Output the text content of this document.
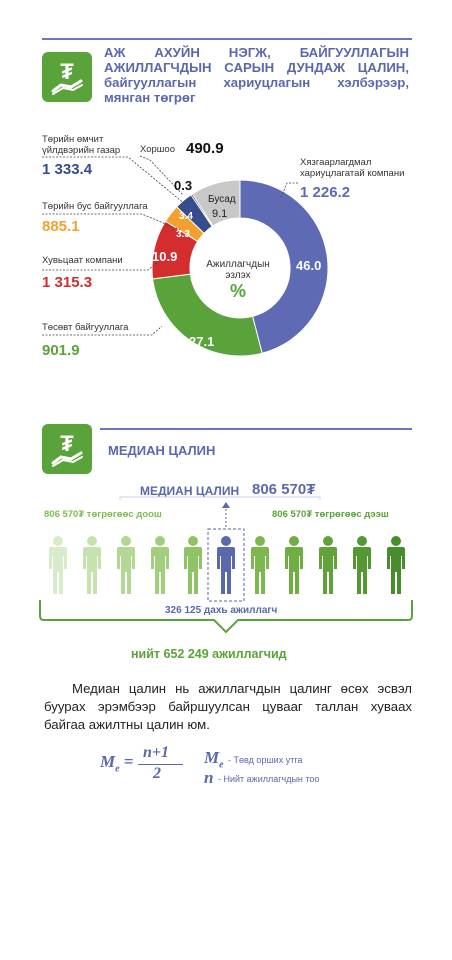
₮
АЖ АХУЙН НЭГЖ, БАЙГУУЛЛАГЫН
АЖИЛЛАГЧДЫН САРЫН ДУНДАЖ ЦАЛИН,
байгууллагын хариуцлагын хэлбэрээр,
мянган төгрөг
46.0
27.1
10.9
3.3
3.4
0.3
Бусад
9.1
Ажиллагчдын
эзлэх
%
Төрийн өмчит
үйлдвэрийн газар
1 333.4
Төрийн бус байгууллага
885.1
Хувьцаат компани
1 315.3
Төсөвт байгууллага
901.9
Хоршоо 490.9
Хязгаарлагдмал хариуцлагатай компани
1 226.2
₮	МЕДИАН ЦАЛИН
МЕДИАН ЦАЛИН 806 570₮
806 570₮ төгрөгөөс доош	806 570₮ төгрөгөөс дээш
326 125 дахь ажиллагч
нийт 652 249 ажиллагчид
Медиан цалин нь ажиллагчдын цалинг өсөх эсвэл буурах эрэмбээр байршуулсан цувааг таллан хуваах байгаа ажилтны цалин юм.
$M_e = n+1$
2
$M_e$ - Төвд орших утга
n - Нийт ажиллагчдын тоо
